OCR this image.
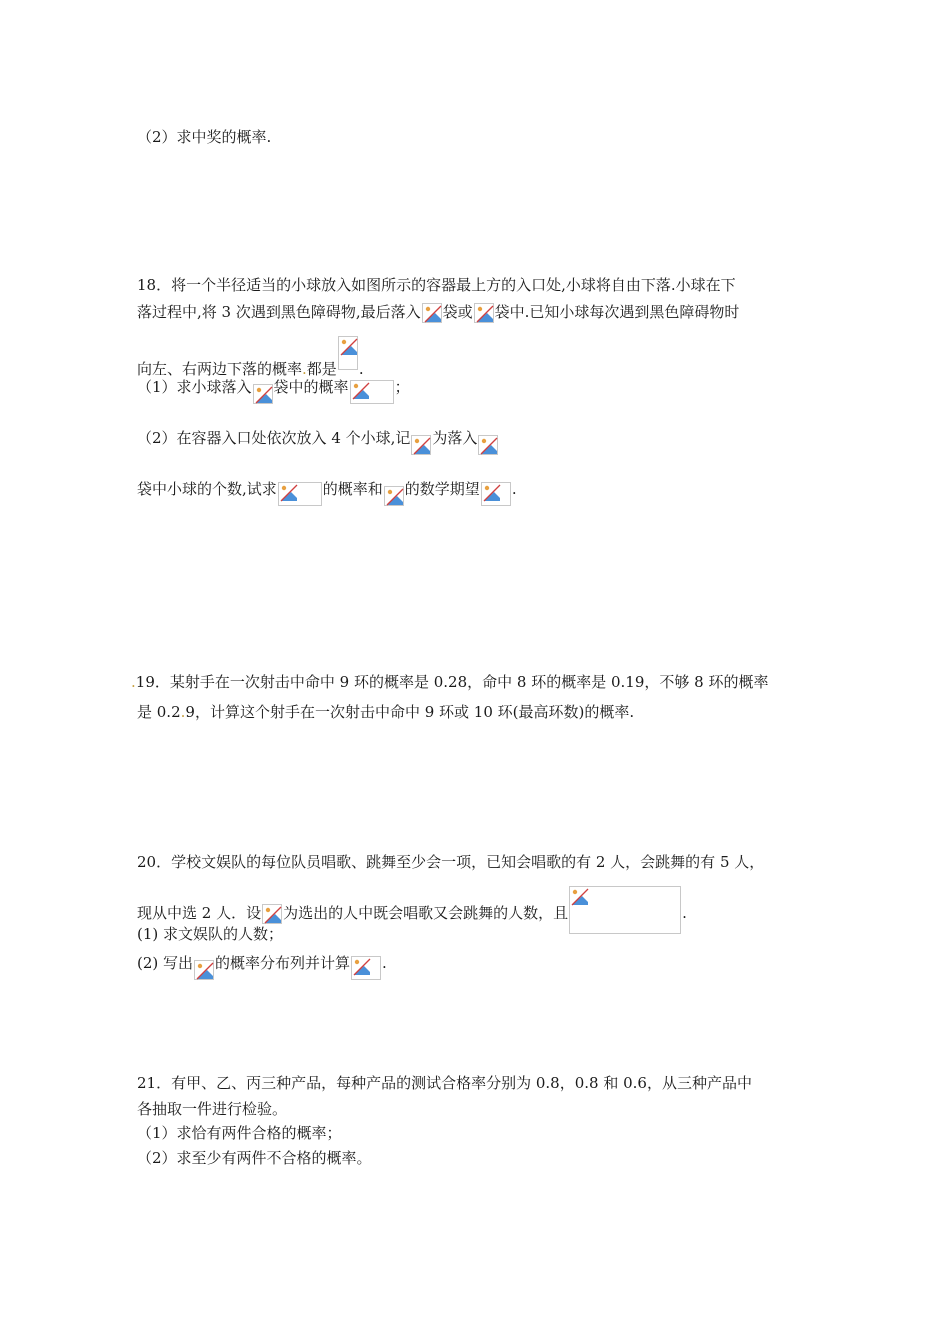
（2）求中奖的概率.
18．将一个半径适当的小球放入如图所示的容器最上方的入口处,小球将自由下落.小球在下
落过程中,将 3 次遇到黑色障碍物,最后落入 袋或 袋中.已知小球每次遇到黑色障碍物时
向左、右两边下落的概率.都是 .
（1）求小球落入 袋中的概率	；
（2）在容器入口处依次放入 4 个小球,记 为落入
袋中小球的个数,试求	的概率和 的数学期望 .
.19．某射手在一次射击中命中 9 环的概率是 0.28，命中 8 环的概率是 0.19，不够 8 环的概率
是 0.2.9，计算这个射手在一次射击中命中 9 环或 10 环(最高环数)的概率.
20．学校文娱队的每位队员唱歌、跳舞至少会一项，已知会唱歌的有 2 人，会跳舞的有 5 人，
现从中选 2 人．设 为选出的人中既会唱歌又会跳舞的人数，且	.
(1) 求文娱队的人数；
(2) 写出 的概率分布列并计算 .
21．有甲、乙、丙三种产品，每种产品的测试合格率分别为 0.8，0.8 和 0.6，从三种产品中
各抽取一件进行检验。
（1）求恰有两件合格的概率；
（2）求至少有两件不合格的概率。
